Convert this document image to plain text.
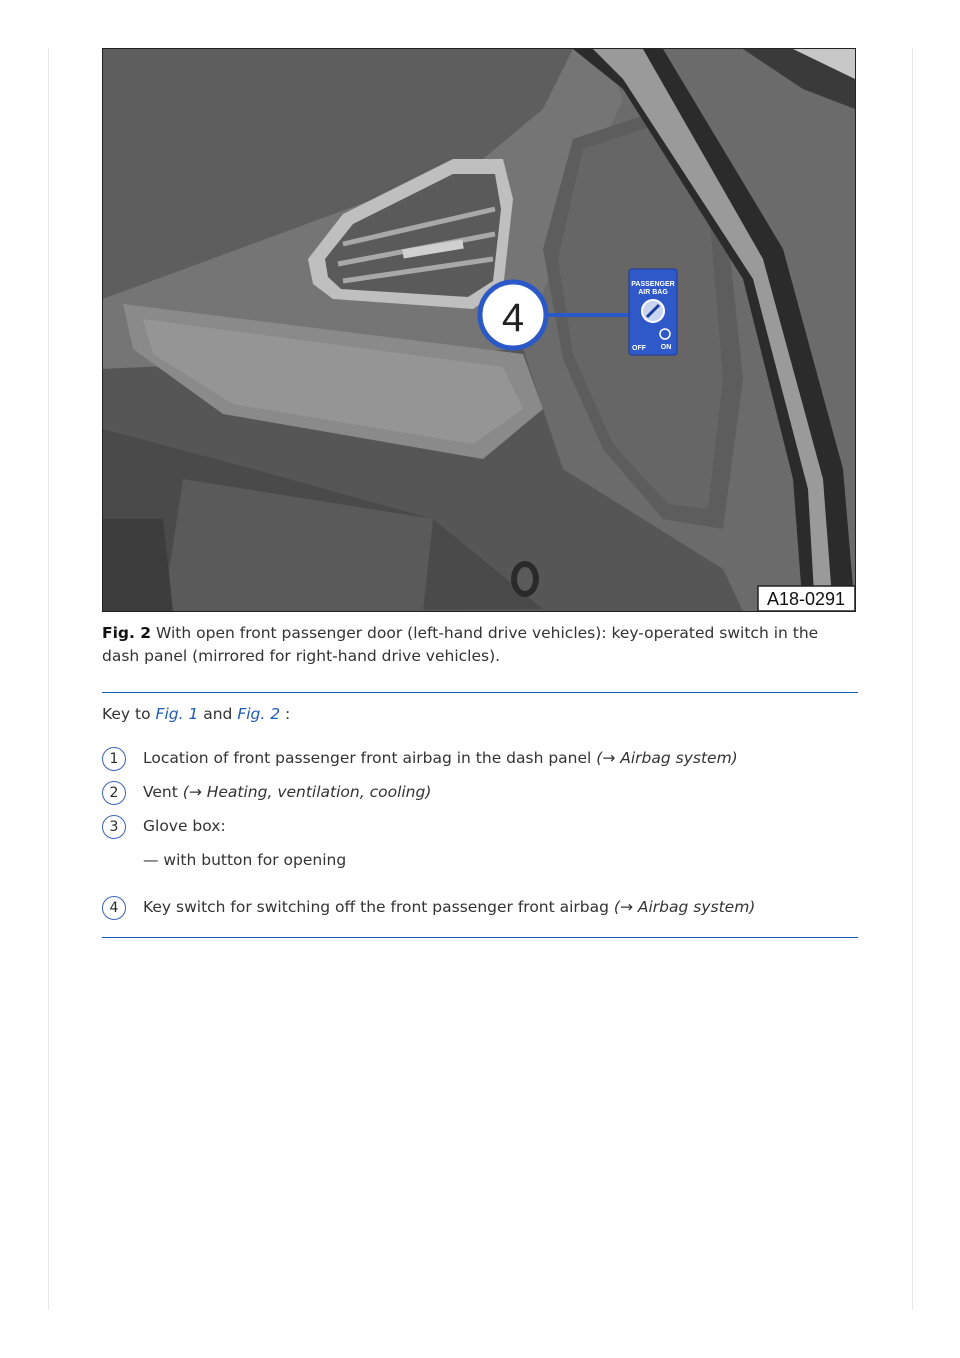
4
PASSENGER
AIR BAG
OFF ON
A18-0291
Fig. 2 With open front passenger door (left-hand drive vehicles): key-operated switch in the dash panel (mirrored for right-hand drive vehicles).
Key to Fig. 1 and Fig. 2 :
1	Location of front passenger front airbag in the dash panel (→ Airbag system)
2	Vent (→ Heating, ventilation, cooling)
3	Glove box:
— with button for opening
4	Key switch for switching off the front passenger front airbag (→ Airbag system)
